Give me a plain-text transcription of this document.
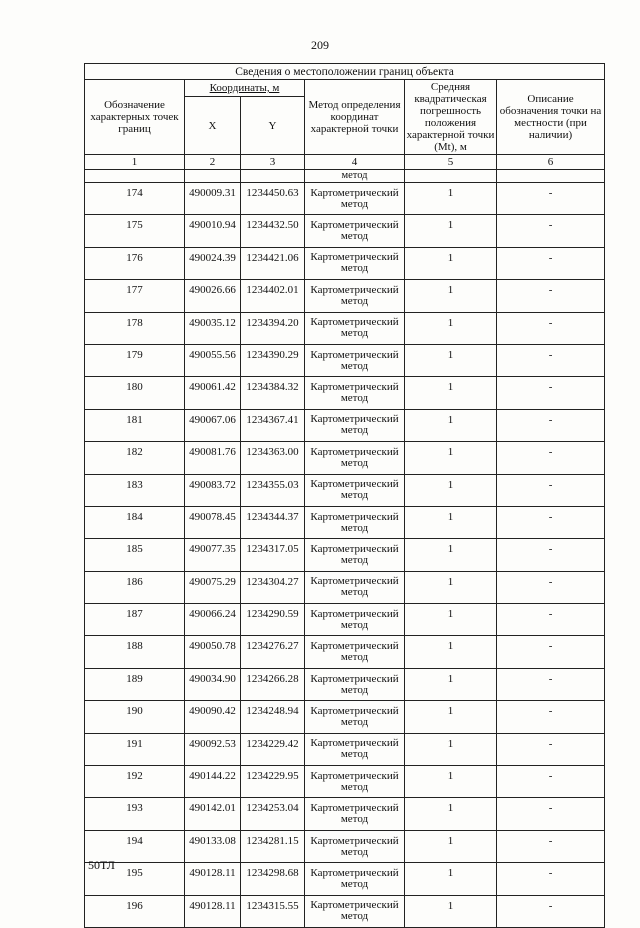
209
Сведения о местоположении границ объекта					
Обозначение характерных точек границ	Координаты, м		Метод определения координат характерной точки	Средняя квадратическая погрешность положения характерной точки (Mt), м	Описание обозначения точки на местности (при наличии)
	X	Y			
1	2	3	4	5	6
			метод		
174	490009.31	1234450.63	Картометрический метод	1	-
175	490010.94	1234432.50	Картометрический метод	1	-
176	490024.39	1234421.06	Картометрический метод	1	-
177	490026.66	1234402.01	Картометрический метод	1	-
178	490035.12	1234394.20	Картометрический метод	1	-
179	490055.56	1234390.29	Картометрический метод	1	-
180	490061.42	1234384.32	Картометрический метод	1	-
181	490067.06	1234367.41	Картометрический метод	1	-
182	490081.76	1234363.00	Картометрический метод	1	-
183	490083.72	1234355.03	Картометрический метод	1	-
184	490078.45	1234344.37	Картометрический метод	1	-
185	490077.35	1234317.05	Картометрический метод	1	-
186	490075.29	1234304.27	Картометрический метод	1	-
187	490066.24	1234290.59	Картометрический метод	1	-
188	490050.78	1234276.27	Картометрический метод	1	-
189	490034.90	1234266.28	Картометрический метод	1	-
190	490090.42	1234248.94	Картометрический метод	1	-
191	490092.53	1234229.42	Картометрический метод	1	-
192	490144.22	1234229.95	Картометрический метод	1	-
193	490142.01	1234253.04	Картометрический метод	1	-
194	490133.08	1234281.15	Картометрический метод	1	-
195	490128.11	1234298.68	Картометрический метод	1	-
196	490128.11	1234315.55	Картометрический метод	1	-
50ТЛ
